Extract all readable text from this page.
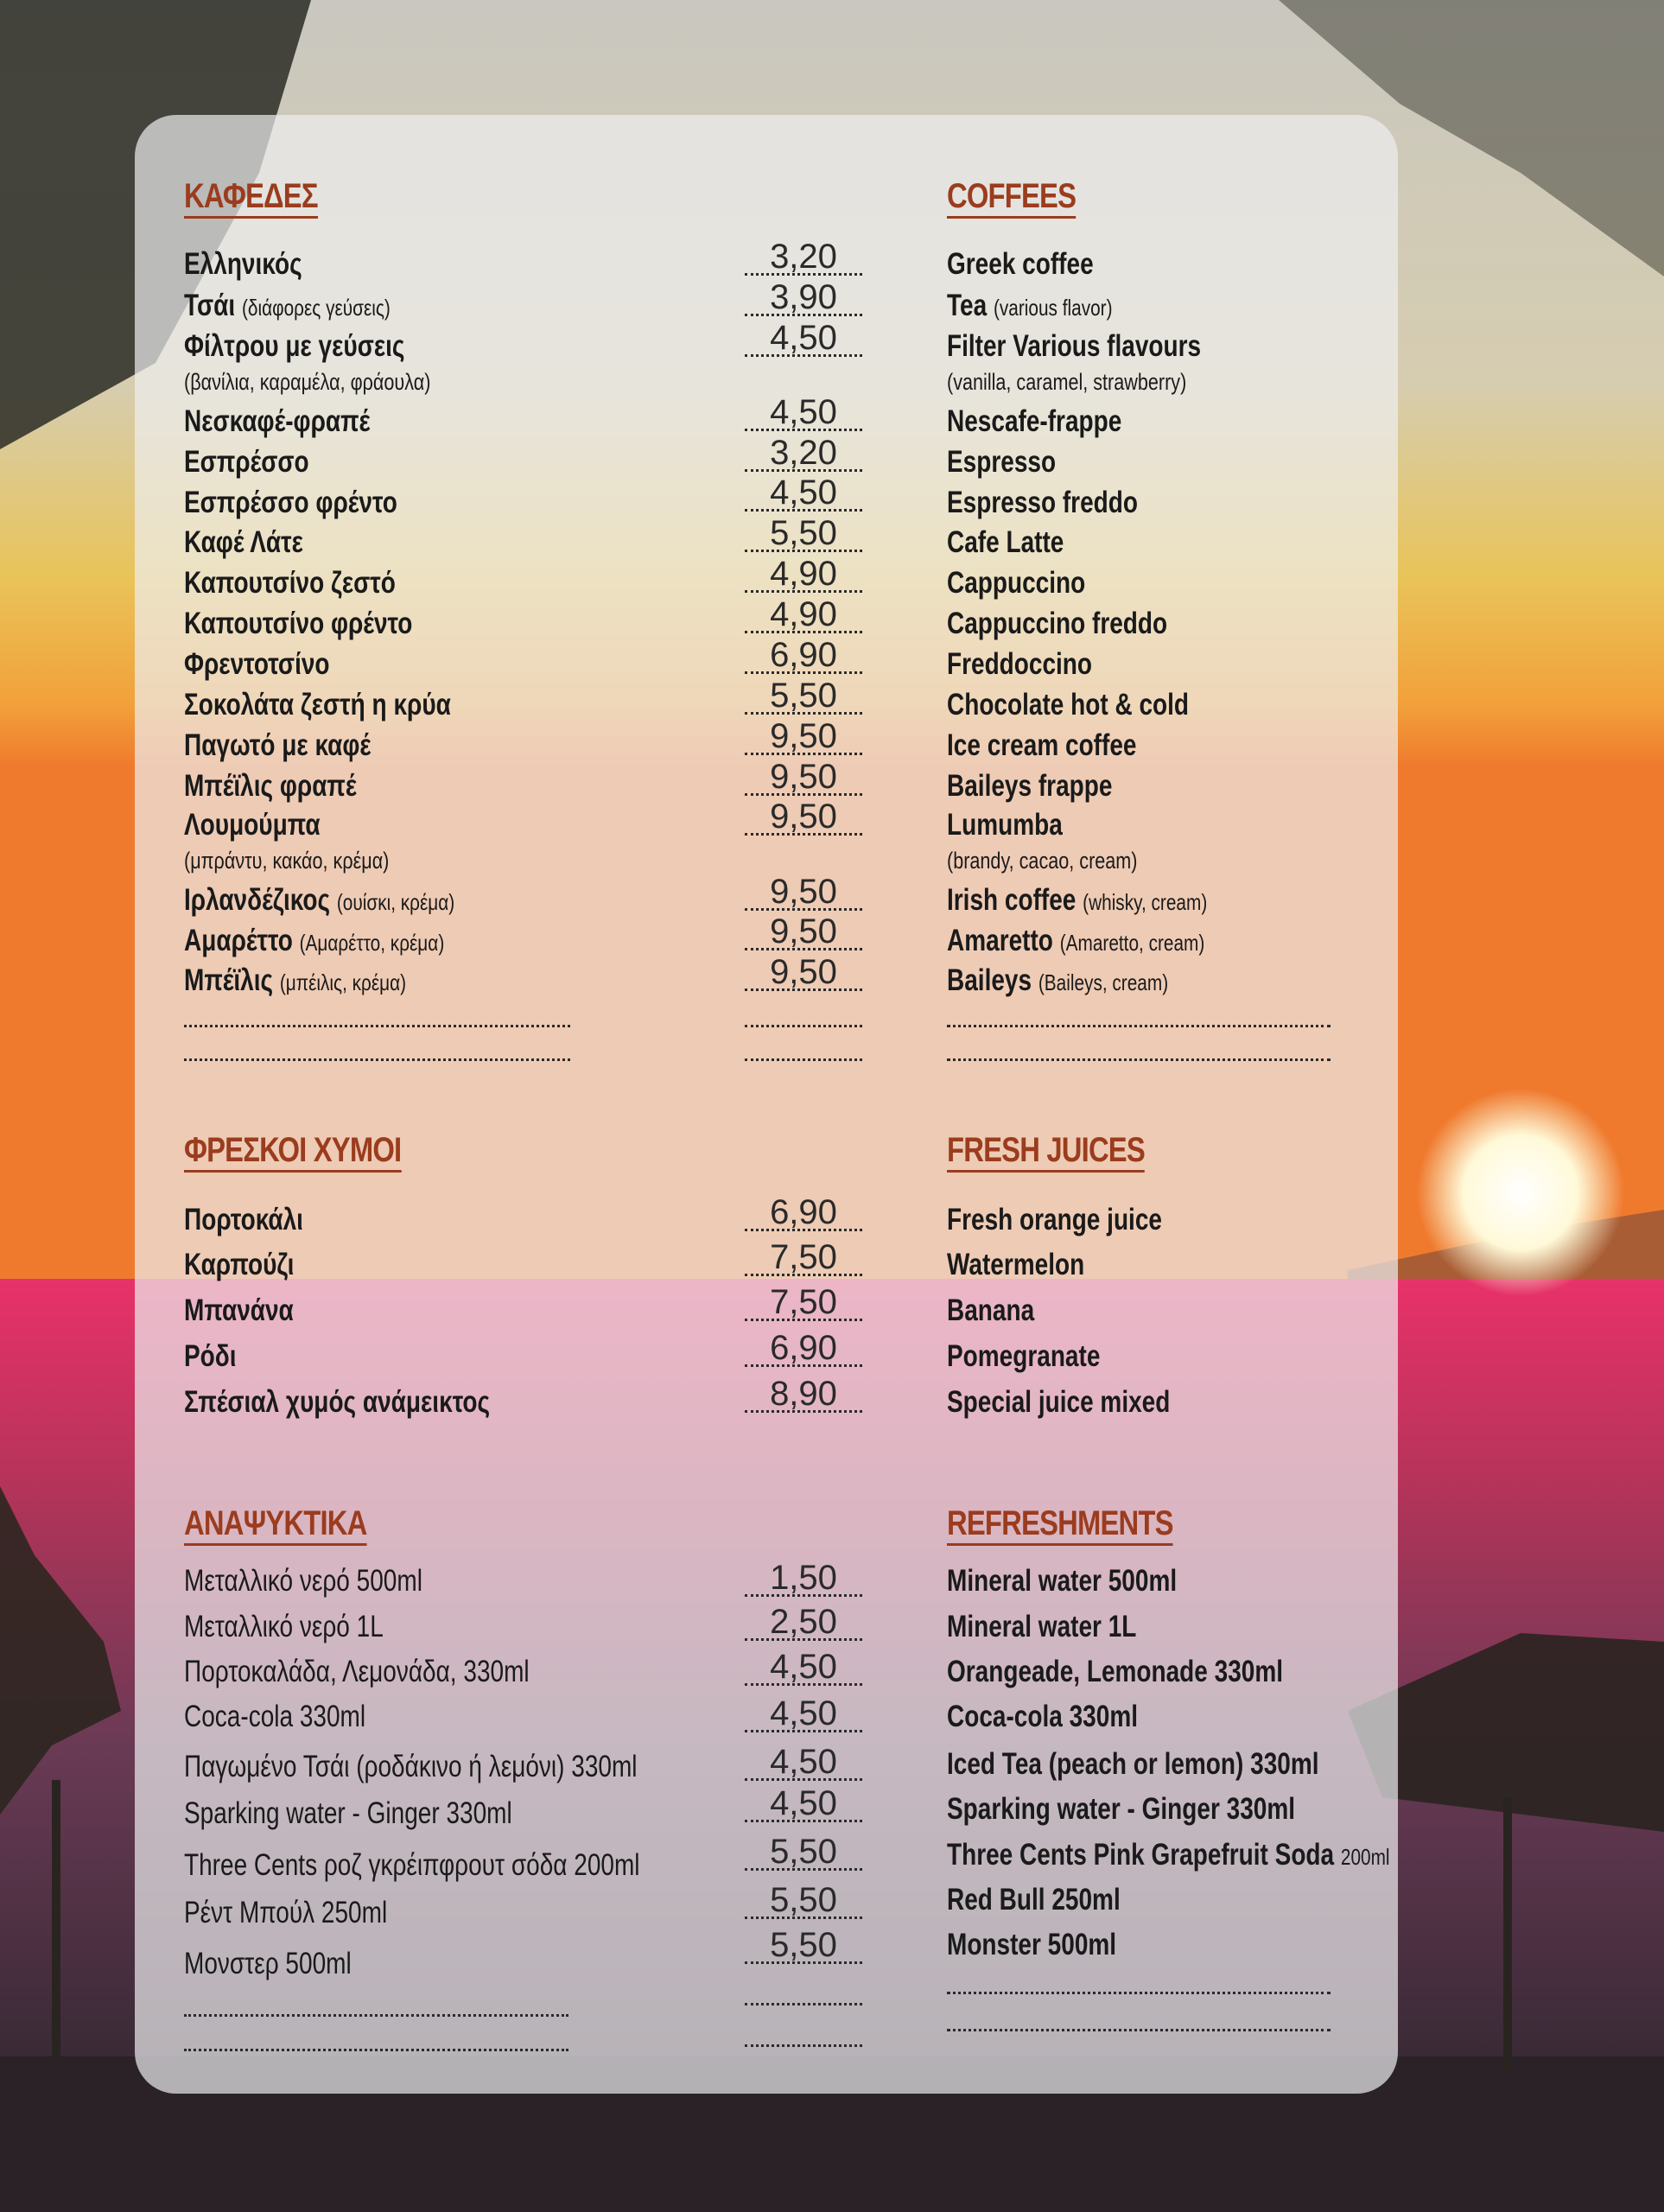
ΚΑΦΕΔΕΣ
Ελληνικός
Τσάι (διάφορες γεύσεις)
Φίλτρου με γεύσεις
(βανίλια, καραμέλα, φράουλα)
Νεσκαφέ-φραπέ
Εσπρέσσο
Εσπρέσσο φρέντο
Καφέ Λάτε
Καπουτσίνο ζεστό
Καπουτσίνο φρέντο
Φρεντοτσίνο
Σοκολάτα ζεστή η κρύα
Παγωτό με καφέ
Μπέϊλις φραπέ
Λουμούμπα
(μπράντυ, κακάο, κρέμα)
Ιρλανδέζικος (ουίσκι, κρέμα)
Αμαρέττο (Αμαρέττο, κρέμα)
Μπέϊλις (μπέιλις, κρέμα)
ΦΡΕΣΚΟΙ ΧΥΜΟΙ
Πορτοκάλι
Καρπούζι
Μπανάνα
Ρόδι
Σπέσιαλ χυμός ανάμεικτος
ΑΝΑΨΥΚΤΙΚΑ
Μεταλλικό νερό 500ml
Μεταλλικό νερό 1L
Πορτοκαλάδα, Λεμονάδα, 330ml
Coca-cola 330ml
Παγωμένο Τσάι (ροδάκινο ή λεμόνι) 330ml
Sparking water - Ginger 330ml
Three Cents ροζ γκρέιπφρουτ σόδα 200ml
Ρέντ Μπούλ 250ml
Μονστερ 500ml
3,20
3,90
4,50
4,50
3,20
4,50
5,50
4,90
4,90
6,90
5,50
9,50
9,50
9,50
9,50
9,50
9,50
6,90
7,50
7,50
6,90
8,90
1,50
2,50
4,50
4,50
4,50
4,50
5,50
5,50
5,50
COFFEES
Greek coffee
Tea (various flavor)
Filter Various flavours
(vanilla, caramel, strawberry)
Nescafe-frappe
Espresso
Espresso freddo
Cafe Latte
Cappuccino
Cappuccino freddo
Freddoccino
Chocolate hot & cold
Ice cream coffee
Baileys frappe
Lumumba
(brandy, cacao, cream)
Irish coffee (whisky, cream)
Amaretto (Amaretto, cream)
Baileys (Baileys, cream)
FRESH JUICES
Fresh orange juice
Watermelon
Banana
Pomegranate
Special juice mixed
REFRESHMENTS
Mineral water 500ml
Mineral water 1L
Orangeade, Lemonade 330ml
Coca-cola 330ml
Iced Tea (peach or lemon) 330ml
Sparking water - Ginger 330ml
Three Cents Pink Grapefruit Soda 200ml
Red Bull 250ml
Monster 500ml
